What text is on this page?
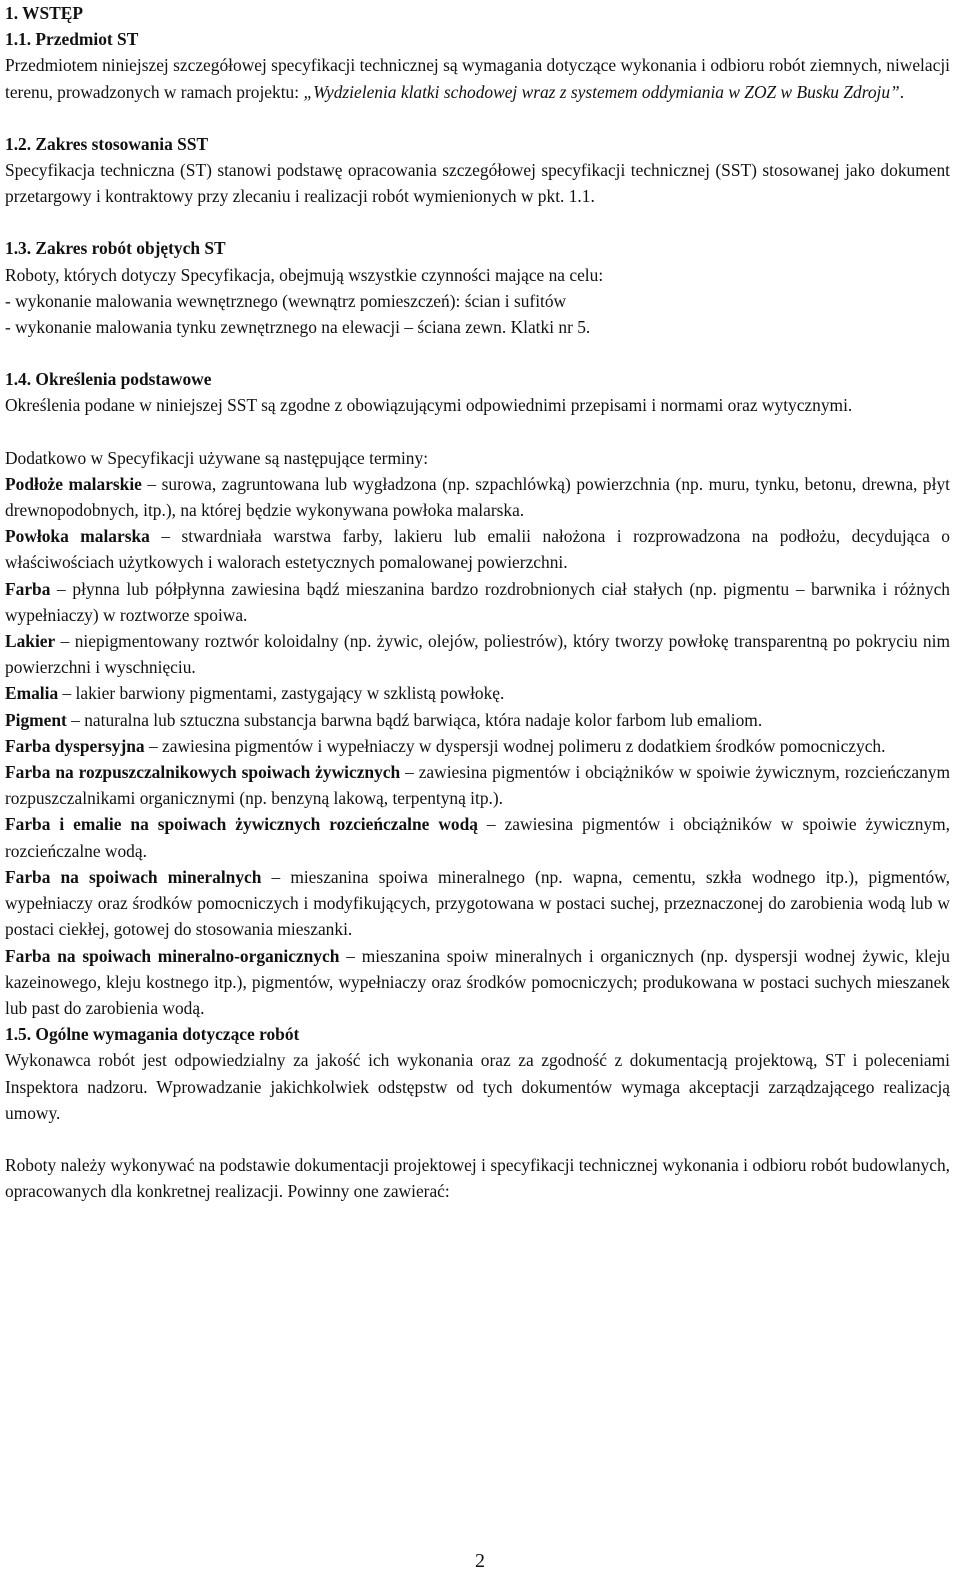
1. WSTĘP
1.1. Przedmiot ST

Przedmiotem niniejszej szczegółowej specyfikacji technicznej są wymagania dotyczące wykonania i odbioru robót ziemnych, niwelacji terenu, prowadzonych w ramach projektu: „Wydzielenia klatki schodowej wraz z systemem oddymiania w ZOZ w Busku Zdroju”.

1.2. Zakres stosowania SST

Specyfikacja techniczna (ST) stanowi podstawę opracowania szczegółowej specyfikacji technicznej (SST) stosowanej jako dokument przetargowy i kontraktowy przy zlecaniu i realizacji robót wymienionych w pkt. 1.1.

1.3. Zakres robót objętych ST
Roboty, których dotyczy Specyfikacja, obejmują wszystkie czynności mające na celu:
- wykonanie malowania wewnętrznego (wewnątrz pomieszczeń): ścian i sufitów
- wykonanie malowania tynku zewnętrznego na elewacji – ściana zewn. Klatki nr 5.
1.4. Określenia podstawowe

Określenia podane w niniejszej SST są zgodne z obowiązującymi odpowiednimi przepisami i normami oraz wytycznymi.

Dodatkowo w Specyfikacji używane są następujące terminy:

Podłoże malarskie – surowa, zagruntowana lub wygładzona (np. szpachlówką) powierzchnia (np. muru, tynku, betonu, drewna, płyt drewnopodobnych, itp.), na której będzie wykonywana powłoka malarska.

Powłoka malarska – stwardniała warstwa farby, lakieru lub emalii nałożona i rozprowadzona na podłożu, decydująca o właściwościach użytkowych i walorach estetycznych pomalowanej powierzchni.

Farba – płynna lub półpłynna zawiesina bądź mieszanina bardzo rozdrobnionych ciał stałych (np. pigmentu – barwnika i różnych wypełniaczy) w roztworze spoiwa.

Lakier – niepigmentowany roztwór koloidalny (np. żywic, olejów, poliestrów), który tworzy powłokę transparentną po pokryciu nim powierzchni i wyschnięciu.

Emalia – lakier barwiony pigmentami, zastygający w szklistą powłokę.

Pigment – naturalna lub sztuczna substancja barwna bądź barwiąca, która nadaje kolor farbom lub emaliom.

Farba dyspersyjna – zawiesina pigmentów i wypełniaczy w dyspersji wodnej polimeru z dodatkiem środków pomocniczych.

Farba na rozpuszczalnikowych spoiwach żywicznych – zawiesina pigmentów i obciążników w spoiwie żywicznym, rozcieńczanym rozpuszczalnikami organicznymi (np. benzyną lakową, terpentyną itp.).

Farba i emalie na spoiwach żywicznych rozcieńczalne wodą – zawiesina pigmentów i obciążników w spoiwie żywicznym, rozcieńczalne wodą.

Farba na spoiwach mineralnych – mieszanina spoiwa mineralnego (np. wapna, cementu, szkła wodnego itp.), pigmentów, wypełniaczy oraz środków pomocniczych i modyfikujących, przygotowana w postaci suchej, przeznaczonej do zarobienia wodą lub w postaci ciekłej, gotowej do stosowania mieszanki.

Farba na spoiwach mineralno-organicznych – mieszanina spoiw mineralnych i organicznych (np. dyspersji wodnej żywic, kleju kazeinowego, kleju kostnego itp.), pigmentów, wypełniaczy oraz środków pomocniczych; produkowana w postaci suchych mieszanek lub past do zarobienia wodą.

1.5. Ogólne wymagania dotyczące robót

Wykonawca robót jest odpowiedzialny za jakość ich wykonania oraz za zgodność z dokumentacją projektową, ST i poleceniami Inspektora nadzoru. Wprowadzanie jakichkolwiek odstępstw od tych dokumentów wymaga akceptacji zarządzającego realizacją umowy.

Roboty należy wykonywać na podstawie dokumentacji projektowej i specyfikacji technicznej wykonania i odbioru robót budowlanych, opracowanych dla konkretnej realizacji. Powinny one zawierać:

2
